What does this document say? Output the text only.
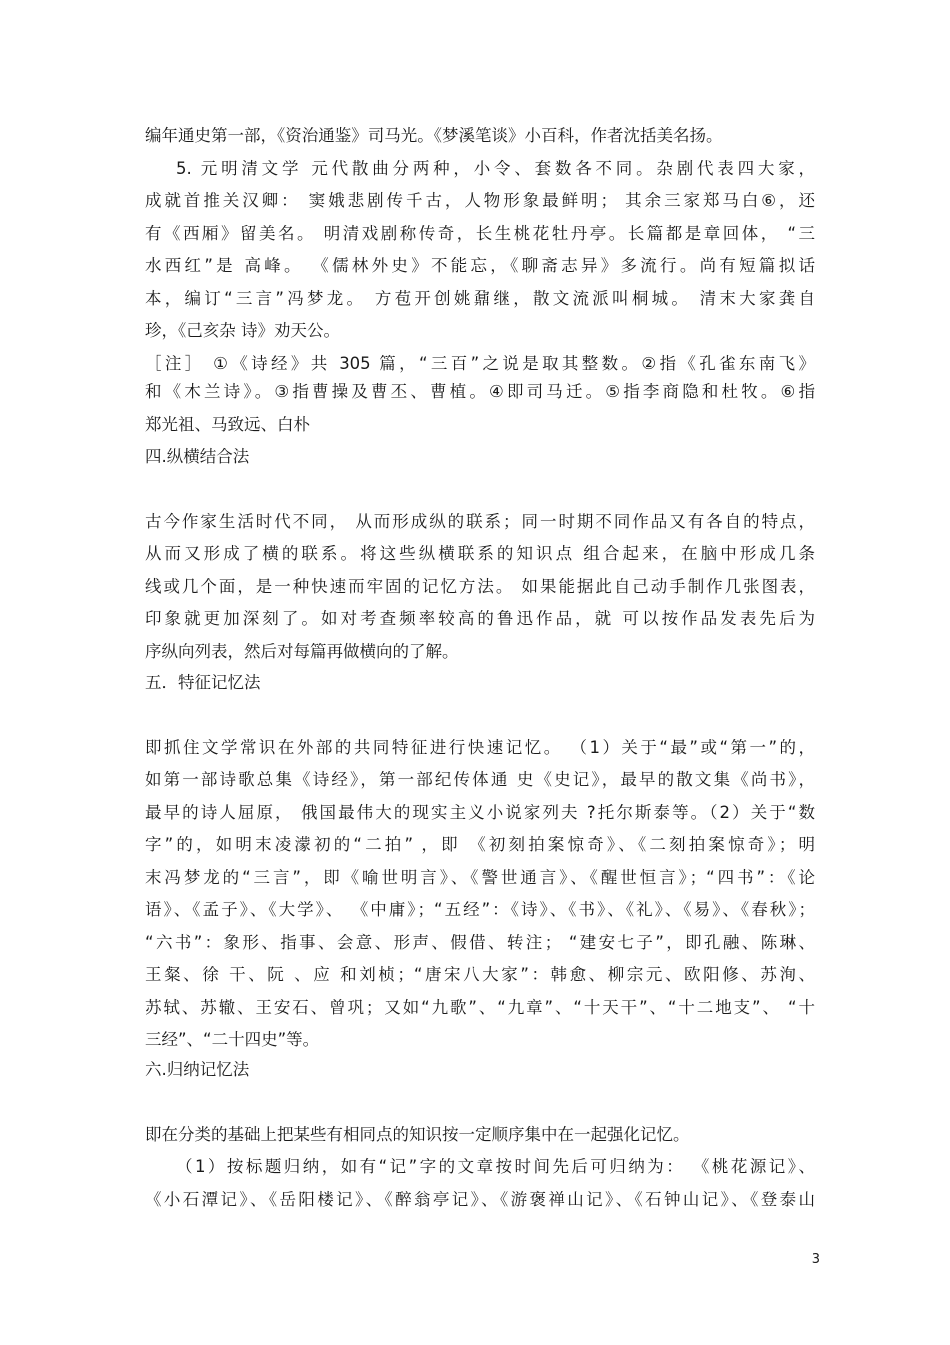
编年通史第一部，《资治通鉴》司马光。《梦溪笔谈》小百科，作者沈括美名扬。
5. 元明清文学 元代散曲分两种，小令、套数各不同。杂剧代表四大家，
成就首推关汉卿： 窦娥悲剧传千古，人物形象最鲜明； 其余三家郑马白⑥，还
有《西厢》留美名。 明清戏剧称传奇，长生桃花牡丹亭。长篇都是章回体， “三
水西红”是 高峰。 《儒林外史》不能忘，《聊斋志异》多流行。尚有短篇拟话
本，编订“三言”冯梦龙。 方苞开创姚鼐继，散文流派叫桐城。 清末大家龚自
珍，《己亥杂 诗》劝天公。
［注］ ①《诗经》共 305 篇，“三百”之说是取其整数。②指《孔雀东南飞》
和《木兰诗》。③指曹操及曹丕、曹植。④即司马迁。⑤指李商隐和杜牧。⑥指
郑光祖、马致远、白朴
四.纵横结合法
古今作家生活时代不同， 从而形成纵的联系；同一时期不同作品又有各自的特点，
从而又形成了横的联系。将这些纵横联系的知识点 组合起来，在脑中形成几条
线或几个面，是一种快速而牢固的记忆方法。 如果能据此自己动手制作几张图表，
印象就更加深刻了。如对考查频率较高的鲁迅作品，就 可以按作品发表先后为
序纵向列表，然后对每篇再做横向的了解。
五．特征记忆法
即抓住文学常识在外部的共同特征进行快速记忆。 （1）关于“最”或“第一”的，
如第一部诗歌总集《诗经》，第一部纪传体通 史《史记》，最早的散文集《尚书》，
最早的诗人屈原， 俄国最伟大的现实主义小说家列夫 ?托尔斯泰等。（2）关于“数
字”的，如明末凌濛初的“二拍” ，即 《初刻拍案惊奇》、《二刻拍案惊奇》；明
末冯梦龙的“三言”，即《喻世明言》、《警世通言》、《醒世恒言》；“四书”：《论
语》、《孟子》、《大学》、 《中庸》；“五经”：《诗》、《书》、《礼》、《易》、《春秋》；
“六书”：象形、指事、会意、形声、假借、转注； “建安七子”，即孔融、陈琳、
王粲、徐 干、阮 、应 和刘桢；“唐宋八大家”：韩愈、柳宗元、欧阳修、苏洵、
苏轼、苏辙、王安石、曾巩；又如“九歌”、“九章”、“十天干”、“十二地支”、 “十
三经”、“二十四史”等。
六.归纳记忆法
即在分类的基础上把某些有相同点的知识按一定顺序集中在一起强化记忆。
（1）按标题归纳，如有“记”字的文章按时间先后可归纳为： 《桃花源记》、
《小石潭记》、《岳阳楼记》、《醉翁亭记》、《游褒禅山记》、《石钟山记》、《登泰山
3
